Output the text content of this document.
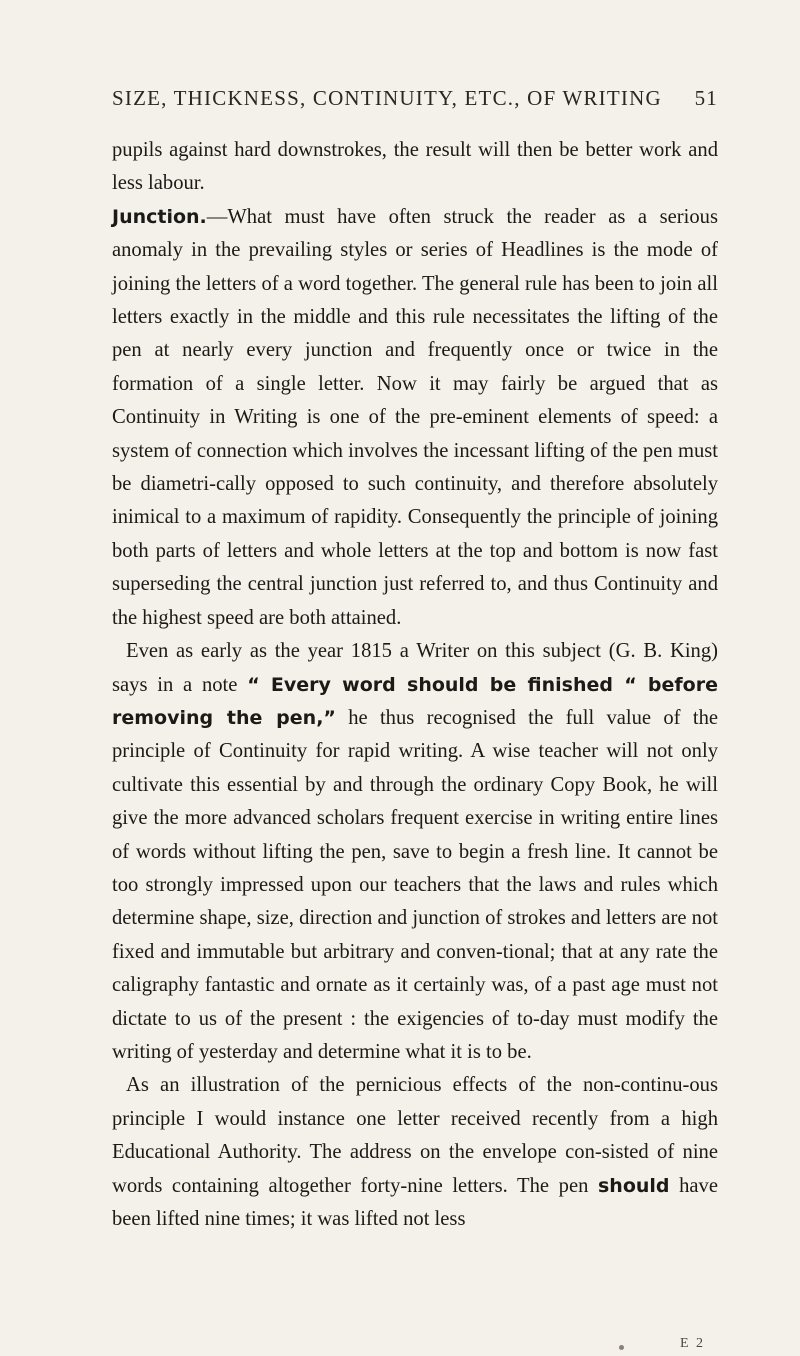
SIZE, THICKNESS, CONTINUITY, ETC., OF WRITING 51

pupils against hard downstrokes, the result will then be better work and less labour.

Junction.—What must have often struck the reader as a serious anomaly in the prevailing styles or series of Headlines is the mode of joining the letters of a word together. The general rule has been to join all letters exactly in the middle and this rule necessitates the lifting of the pen at nearly every junction and frequently once or twice in the formation of a single letter. Now it may fairly be argued that as Continuity in Writing is one of the pre-eminent elements of speed: a system of connection which involves the incessant lifting of the pen must be diametri-cally opposed to such continuity, and therefore absolutely inimical to a maximum of rapidity. Consequently the principle of joining both parts of letters and whole letters at the top and bottom is now fast superseding the central junction just referred to, and thus Continuity and the highest speed are both attained.

Even as early as the year 1815 a Writer on this subject (G. B. King) says in a note “ Every word should be finished “ before removing the pen,” he thus recognised the full value of the principle of Continuity for rapid writing. A wise teacher will not only cultivate this essential by and through the ordinary Copy Book, he will give the more advanced scholars frequent exercise in writing entire lines of words without lifting the pen, save to begin a fresh line. It cannot be too strongly impressed upon our teachers that the laws and rules which determine shape, size, direction and junction of strokes and letters are not fixed and immutable but arbitrary and conven-tional; that at any rate the caligraphy fantastic and ornate as it certainly was, of a past age must not dictate to us of the present : the exigencies of to-day must modify the writing of yesterday and determine what it is to be.

As an illustration of the pernicious effects of the non-continu-ous principle I would instance one letter received recently from a high Educational Authority. The address on the envelope con-sisted of nine words containing altogether forty-nine letters. The pen should have been lifted nine times; it was lifted not less

E 2
